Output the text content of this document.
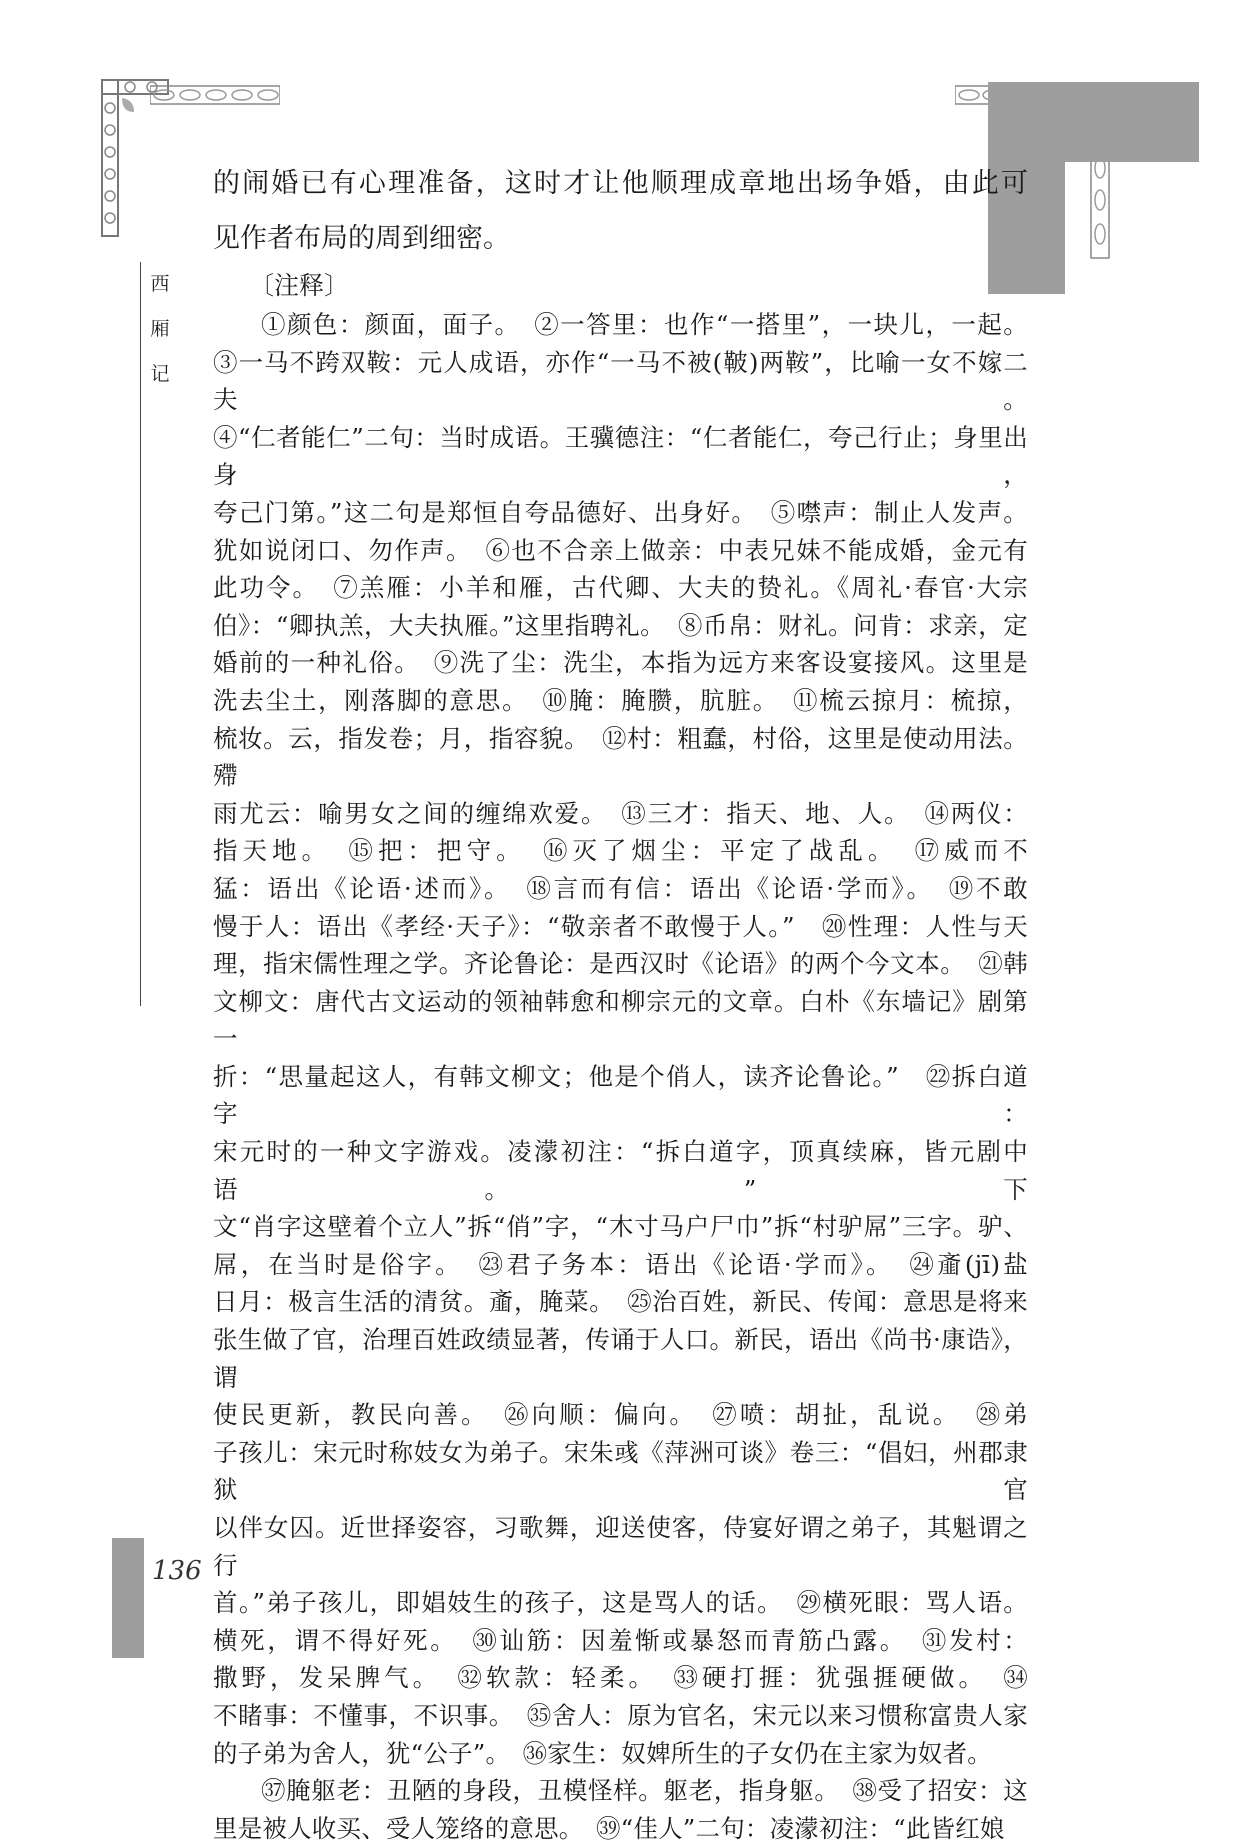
西
厢
记

的闹婚已有心理准备，这时才让他顺理成章地出场争婚，由此可

见作者布局的周到细密。

〔注释〕

①颜色：颜面，面子。　②一答里：也作“一搭里”，一块儿，一起。

③一马不跨双鞍：元人成语，亦作“一马不被(鞁)两鞍”，比喻一女不嫁二夫。

④“仁者能仁”二句：当时成语。王骥德注：“仁者能仁，夸己行止；身里出身，

夸己门第。”这二句是郑恒自夸品德好、出身好。　⑤噤声：制止人发声。

犹如说闭口、勿作声。　⑥也不合亲上做亲：中表兄妹不能成婚，金元有

此功令。　⑦羔雁：小羊和雁，古代卿、大夫的贽礼。《周礼·春官·大宗

伯》：“卿执羔，大夫执雁。”这里指聘礼。　⑧币帛：财礼。问肯：求亲，定

婚前的一种礼俗。　⑨洗了尘：洗尘，本指为远方来客设宴接风。这里是

洗去尘土，刚落脚的意思。　⑩腌：腌臜，肮脏。　⑪梳云掠月：梳掠，

梳妆。云，指发卷；月，指容貌。　⑫村：粗蠢，村俗，这里是使动用法。殢

雨尤云：喻男女之间的缠绵欢爱。　⑬三才：指天、地、人。　⑭两仪：

指天地。　⑮把：把守。　⑯灭了烟尘：平定了战乱。　⑰威而不

猛：语出《论语·述而》。　⑱言而有信：语出《论语·学而》。　⑲不敢

慢于人：语出《孝经·天子》：“敬亲者不敢慢于人。”　⑳性理：人性与天

理，指宋儒性理之学。齐论鲁论：是西汉时《论语》的两个今文本。　㉑韩

文柳文：唐代古文运动的领袖韩愈和柳宗元的文章。白朴《东墙记》剧第一

折：“思量起这人，有韩文柳文；他是个俏人，读齐论鲁论。”　㉒拆白道字：

宋元时的一种文字游戏。凌濛初注：“拆白道字，顶真续麻，皆元剧中语。”下

文“肖字这壁着个立人”拆“俏”字，“木寸马户尸巾”拆“村驴屌”三字。驴、

屌，在当时是俗字。　㉓君子务本：语出《论语·学而》。　㉔齑(jī)盐

日月：极言生活的清贫。齑，腌菜。　㉕治百姓，新民、传闻：意思是将来

张生做了官，治理百姓政绩显著，传诵于人口。新民，语出《尚书·康诰》，谓

使民更新，教民向善。　㉖向顺：偏向。　㉗喷：胡扯，乱说。　㉘弟

子孩儿：宋元时称妓女为弟子。宋朱彧《萍洲可谈》卷三：“倡妇，州郡隶狱官

以伴女囚。近世择姿容，习歌舞，迎送使客，侍宴好谓之弟子，其魁谓之行

首。”弟子孩儿，即娼妓生的孩子，这是骂人的话。　㉙横死眼：骂人语。

横死，谓不得好死。　㉚讪筋：因羞惭或暴怒而青筋凸露。　㉛发村：

撒野，发呆脾气。　㉜软款：轻柔。　㉝硬打捱：犹强捱硬做。　㉞

不睹事：不懂事，不识事。　㉟舍人：原为官名，宋元以来习惯称富贵人家

的子弟为舍人，犹“公子”。　㊱家生：奴婢所生的子女仍在主家为奴者。

㊲腌躯老：丑陋的身段，丑模怪样。躯老，指身躯。　㊳受了招安：这

里是被人收买、受人笼络的意思。　㊴“佳人”二句：凌濛初注：“此皆红娘

136
